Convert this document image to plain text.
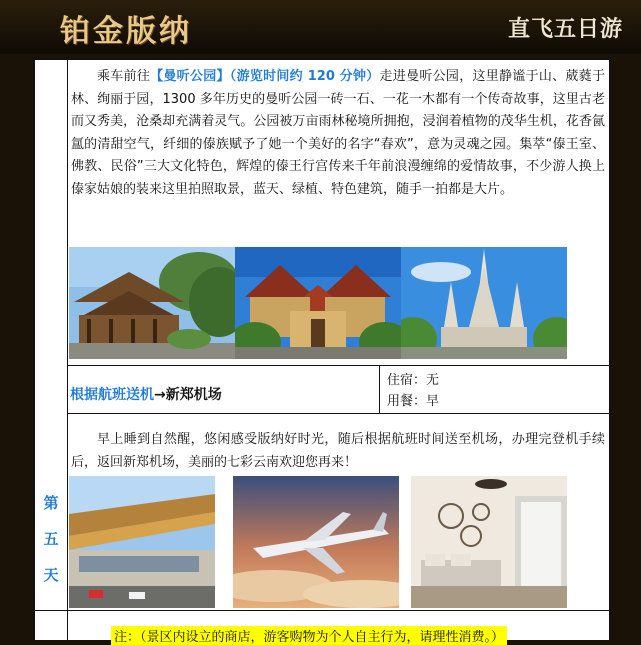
铂金版纳	直飞五日游
第
五
天
乘车前往【曼听公园】（游览时间约 120 分钟）走进曼听公园，这里静谧于山、葳蕤于林、绚丽于园，1300 多年历史的曼听公园一砖一石、一花一木都有一个传奇故事，这里古老而又秀美，沧桑却充满着灵气。公园被万亩雨林秘境所拥抱，浸润着植物的茂华生机，花香氤氲的清甜空气，纤细的傣族赋予了她一个美好的名字“春欢”，意为灵魂之园。集萃“傣王室、佛教、民俗”三大文化特色，辉煌的傣王行宫传来千年前浪漫缠绵的爱情故事，不少游人换上傣家姑娘的装来这里拍照取景，蓝天、绿植、特色建筑，随手一拍都是大片。
根据航班送机→新郑机场
住宿：无
用餐：早
早上睡到自然醒，悠闲感受版纳好时光，随后根据航班时间送至机场，办理完登机手续后，返回新郑机场，美丽的七彩云南欢迎您再来！
注：（景区内设立的商店，游客购物为个人自主行为，请理性消费。）
